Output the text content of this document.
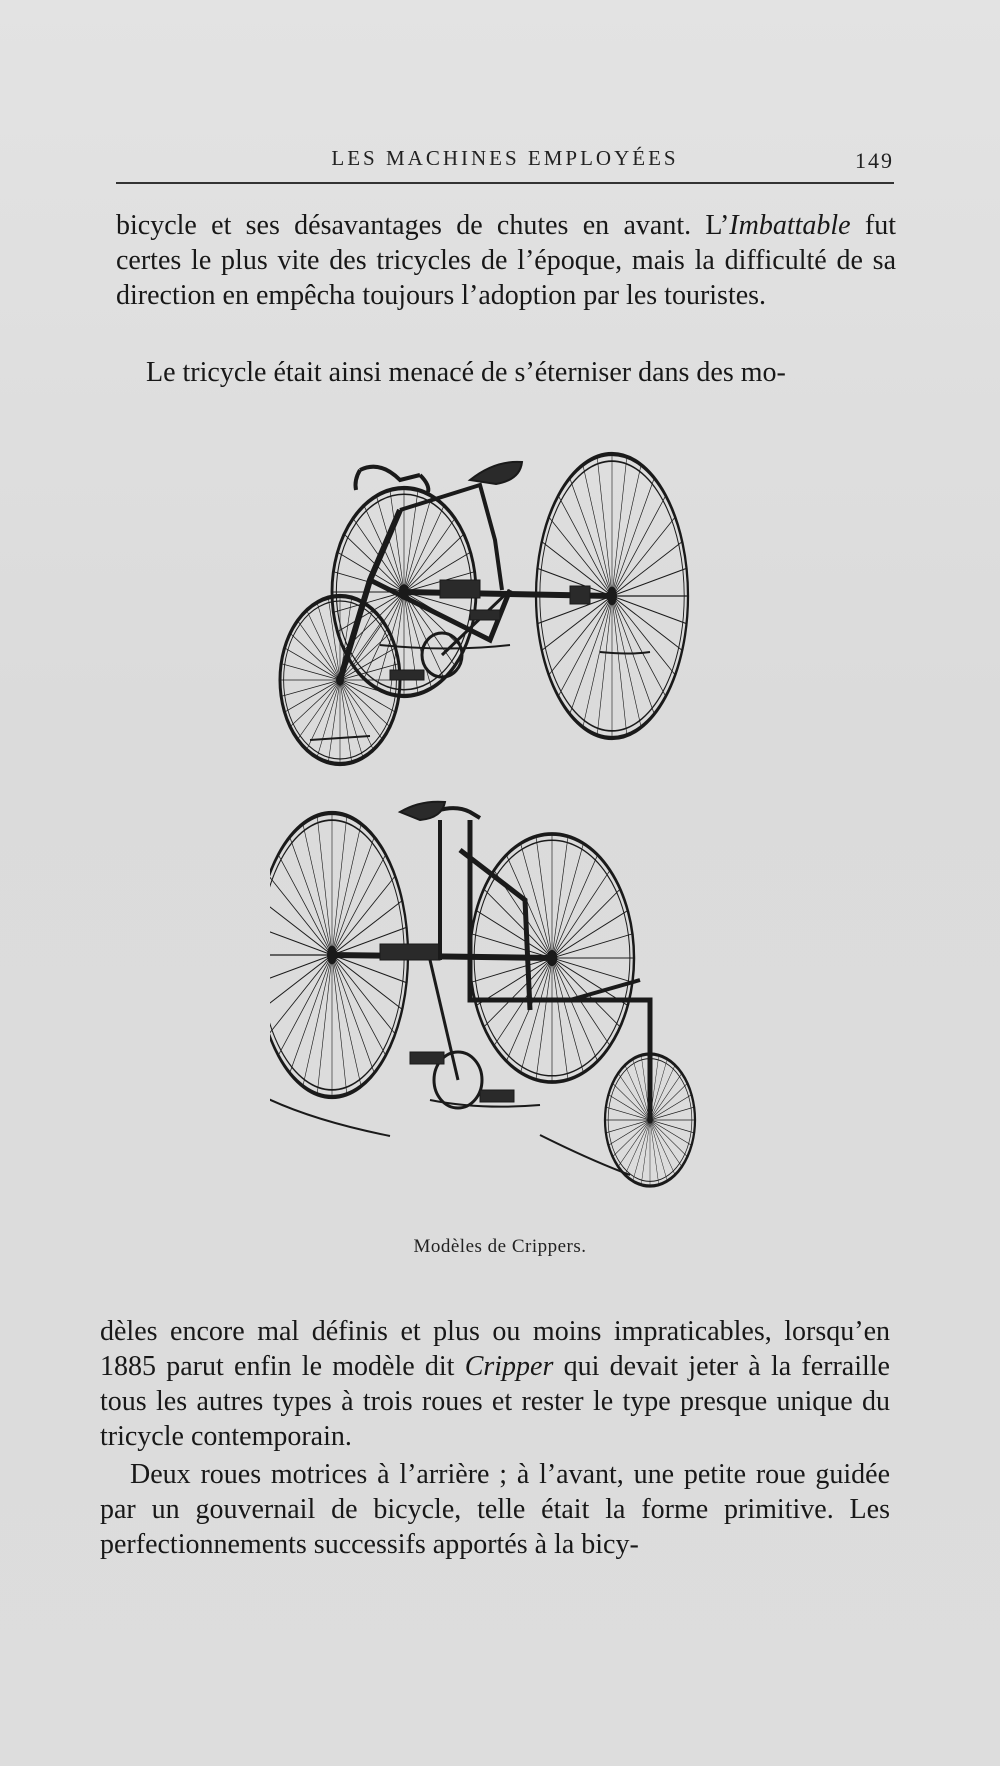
LES MACHINES EMPLOYÉES	149

bicycle et ses désavantages de chutes en avant. L’Imbattable fut certes le plus vite des tricycles de l’époque, mais la difficulté de sa direction en empêcha toujours l’adoption par les touristes.

Le tricycle était ainsi menacé de s’éterniser dans des mo-

Modèles de Crippers.

dèles encore mal définis et plus ou moins impraticables, lorsqu’en 1885 parut enfin le modèle dit Cripper qui devait jeter à la ferraille tous les autres types à trois roues et rester le type presque unique du tricycle contemporain.

Deux roues motrices à l’arrière ; à l’avant, une petite roue guidée par un gouvernail de bicycle, telle était la forme primitive. Les perfectionnements successifs apportés à la bicy-
